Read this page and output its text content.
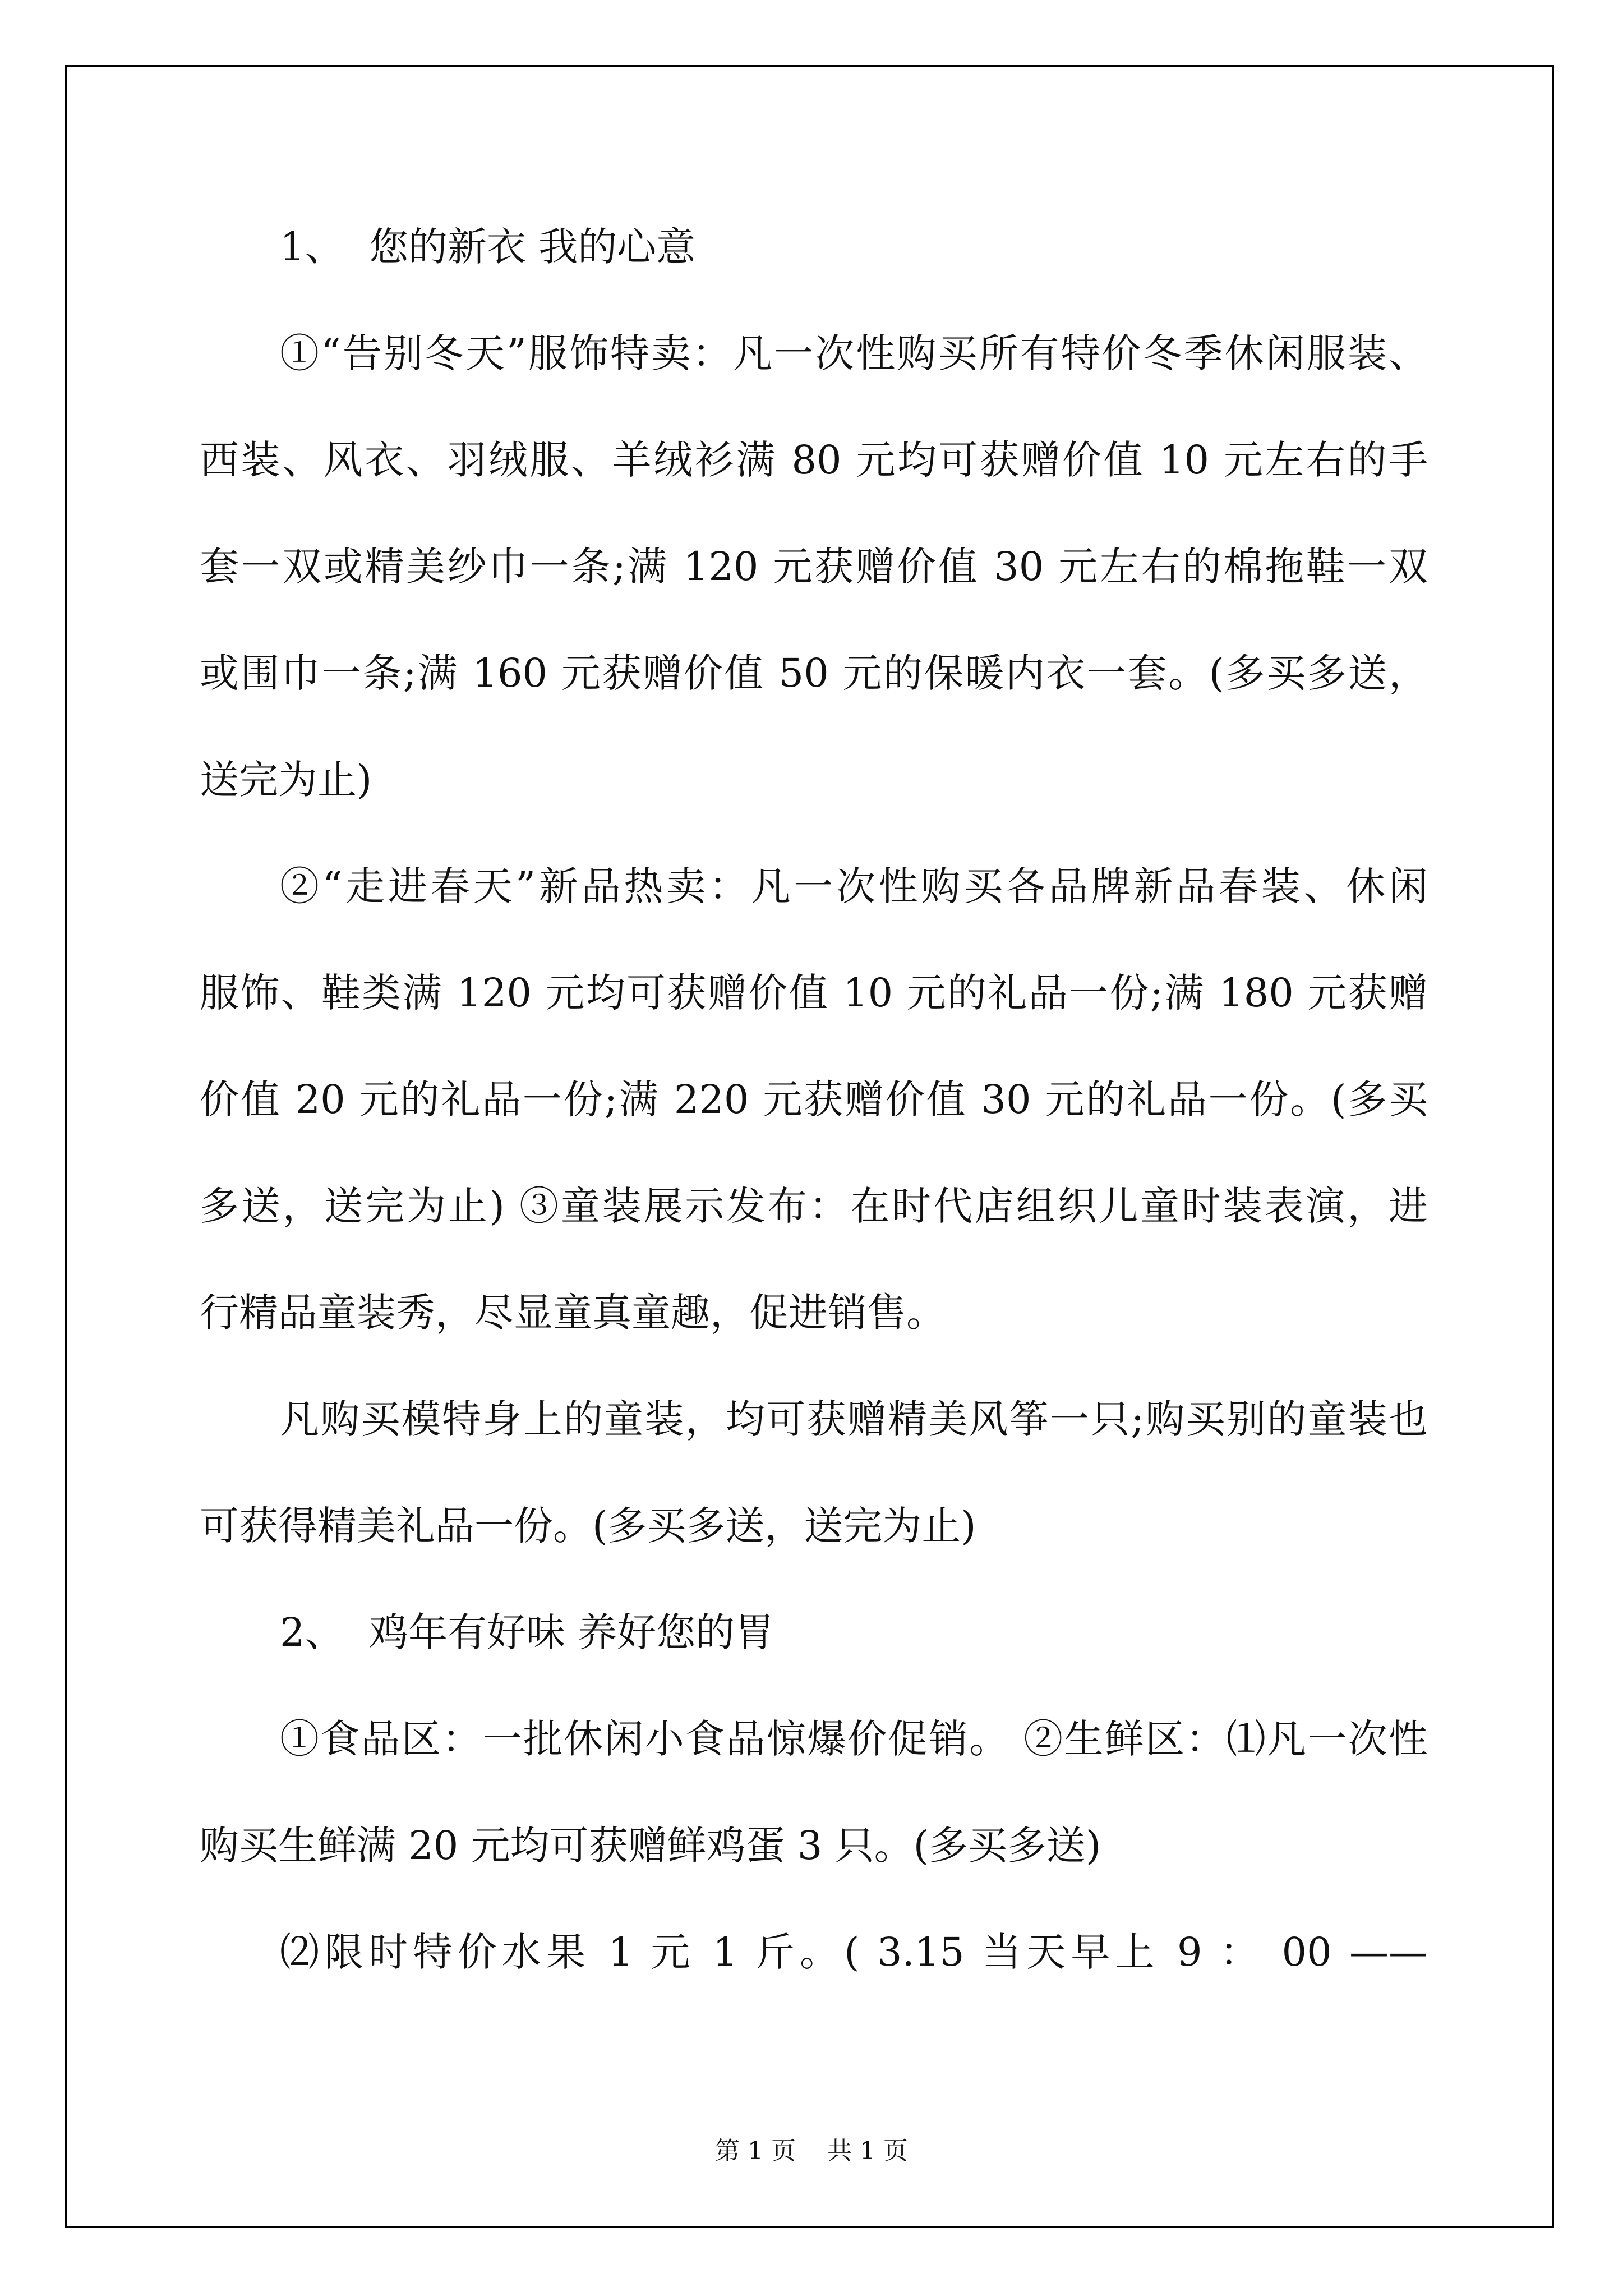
1、  您的新衣 我的心意
①“告别冬天”服饰特卖：凡一次性购买所有特价冬季休闲服装、
西装、风衣、羽绒服、羊绒衫满 80 元均可获赠价值 10 元左右的手
套一双或精美纱巾一条;满 120 元获赠价值 30 元左右的棉拖鞋一双
或围巾一条;满 160 元获赠价值 50 元的保暖内衣一套。(多买多送，
送完为止)
②“走进春天”新品热卖：凡一次性购买各品牌新品春装、休闲
服饰、鞋类满 120 元均可获赠价值 10 元的礼品一份;满 180 元获赠
价值 20 元的礼品一份;满 220 元获赠价值 30 元的礼品一份。(多买
多送，送完为止) ③童装展示发布：在时代店组织儿童时装表演，进
行精品童装秀，尽显童真童趣，促进销售。
凡购买模特身上的童装，均可获赠精美风筝一只;购买别的童装也
可获得精美礼品一份。(多买多送，送完为止)
2、  鸡年有好味 养好您的胃
①食品区：一批休闲小食品惊爆价促销。 ②生鲜区：⑴凡一次性
购买生鲜满 20 元均可获赠鲜鸡蛋 3 只。(多买多送)
⑵限时特价水果 1 元 1 斤。( 3.15 当天早上 9 ： 00 ——
第 1 页    共 1 页
